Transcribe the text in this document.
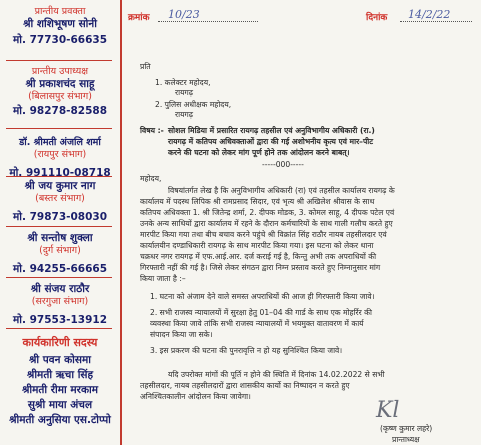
प्रान्तीय प्रवक्ता
श्री शशिभूषण सोनी
मो. 77730-66635
प्रान्तीय उपाध्यक्ष
श्री प्रकाशचंद साहू
(बिलासपुर संभाग)
मो. 98278-82588
डॉ. श्रीमती अंजलि शर्मा
(रायपुर संभाग)
मो. 991110-08718
श्री जय कुमार नाग
(बस्तर संभाग)
मो. 79873-08030
श्री सन्तोष शुक्ला
(दुर्ग संभाग)
मो. 94255-66665
श्री संजय राठौर
(सरगुजा संभाग)
मो. 97553-13912
कार्यकारिणी सदस्य
श्री पवन कोसमा
श्रीमती ऋचा सिंह
श्रीमती रीमा मरकाम
सुश्री माया अंचल
श्रीमती अनुसिया एस.टोप्पो
क्रमांक 10/23	दिनांक 14/2/22
प्रति
1. कलेक्टर महोदय,
रायगढ़
2. पुलिस अधीक्षक महोदय,
रायगढ़
विषय :- सोशल मिडिया में प्रसारित रायगढ़ तहसील एवं अनुविभागीय अधिकारी (रा.)
रायगढ़ में कतिपय अधिवक्ताओं द्वारा की गई अशोभनीय कृत्य एवं मार–पीट
करने की घटना को लेकर मांग पूर्ण होने तक आंदोलन करने बाबत्।
-----000-----
महोदय,
विषयांतर्गत लेख है कि अनुविभागीय अधिकारी (रा) एवं तहसील कार्यालय रायगढ़ के
कार्यालय में पदस्थ लिपिक श्री रामप्रसाद सिदार, एवं भृत्य श्री अखिलेश श्रीवास के साथ
कतिपय अधिवक्ता 1. श्री जितेन्द्र शर्मा, 2. दीपक मोडक, 3. कोमल साहू, 4 दीपक पटेल एवं
उनके अन्य साथियों द्वारा कार्यालय में रहने के दौरान कर्मचारियों के साथ गाली गलौच करते हुए
मारपीट किया गया तथा बीच बचाव करने पहुंचे श्री विक्रांत सिंह राठौर नायब तहसीलदार एवं
कार्यालयीन दण्डाधिकारी रायगढ़ के साथ मारपीट किया गया। इस घटना को लेकर थाना
चक्रधर नगर रायगढ़ में एफ.आई.आर. दर्ज कराई गई है, किन्तु अभी तक अपराधियों की
गिरफ्तारी नहीं की गई है। जिसे लेकर संगठन द्वारा निम्न प्रस्ताव करते हुए निम्नानुसार मांग
किया जाता है :–
1. घटना को अंजाम देने वाले समस्त अपराधियों की आज ही गिरफ्तारी किया जावे।
2. सभी राजस्व न्यायालयों में सुरक्षा हेतु 01–04 की गार्ड के साथ एक मोहर्रिर की
व्यवस्था किया जावे तांकि सभी राजस्व न्यायालयों में भयमुक्त वातावरण में कार्य
संपादन किया जा सके।
3. इस प्रकरण की घटना की पुनरावृत्ति न हो यह सुनिश्चित किया जावे।
यदि उपरोक्त मांगों की पूर्ति न होने की स्थिति में दिनांक 14.02.2022 से सभी
तहसीलदार, नायब तहसीलदारों द्वारा शासकीय कार्यो का निष्पादन न करते हुए
अनिश्चितकालीन आंदोलन किया जावेगा।
Kl
(कृष्ण कुमार लहरे)
प्रान्ताध्यक्ष
